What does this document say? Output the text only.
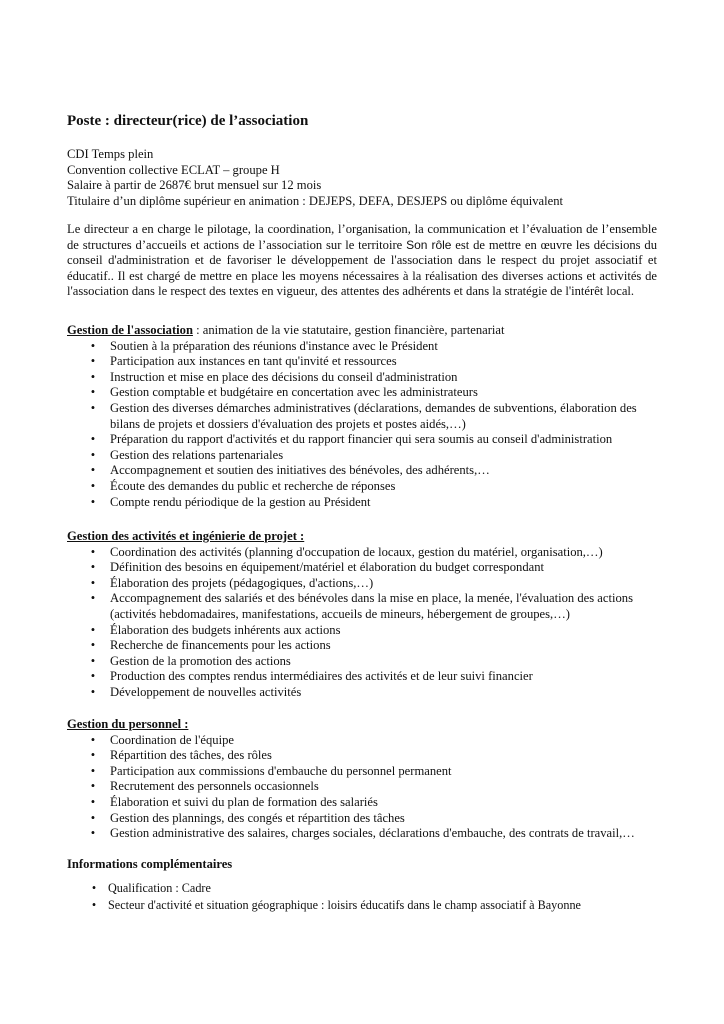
Poste : directeur(rice) de l’association
CDI Temps plein
Convention collective ECLAT – groupe H
Salaire à partir de 2687€ brut mensuel sur 12 mois
Titulaire d’un diplôme supérieur en animation : DEJEPS, DEFA, DESJEPS ou diplôme équivalent
Le directeur a en charge le pilotage, la coordination, l’organisation, la communication et l’évaluation de l’ensemble de structures d’accueils et actions de l’association sur le territoire Son rôle est de mettre en œuvre les décisions du conseil d'administration et de favoriser le développement de l'association dans le respect du projet associatif et éducatif.. Il est chargé de mettre en place les moyens nécessaires à la réalisation des diverses actions et activités de l'association dans le respect des textes en vigueur, des attentes des adhérents et dans la stratégie de l'intérêt local.
Gestion de l'association : animation de la vie statutaire, gestion financière, partenariat
•	Soutien à la préparation des réunions d'instance avec le Président
•	Participation aux instances en tant qu'invité et ressources
•	Instruction et mise en place des décisions du conseil d'administration
•	Gestion comptable et budgétaire en concertation avec les administrateurs
•	Gestion des diverses démarches administratives (déclarations, demandes de subventions, élaboration des bilans de projets et dossiers d'évaluation des projets et postes aidés,…)
•	Préparation du rapport d'activités et du rapport financier qui sera soumis au conseil d'administration
•	Gestion des relations partenariales
•	Accompagnement et soutien des initiatives des bénévoles, des adhérents,…
•	Écoute des demandes du public et recherche de réponses
•	Compte rendu périodique de la gestion au Président
Gestion des activités et ingénierie de projet :
•	Coordination des activités (planning d'occupation de locaux, gestion du matériel, organisation,…)
•	Définition des besoins en équipement/matériel et élaboration du budget correspondant
•	Élaboration des projets (pédagogiques, d'actions,…)
•	Accompagnement des salariés et des bénévoles dans la mise en place, la menée, l'évaluation des actions (activités hebdomadaires, manifestations, accueils de mineurs, hébergement de groupes,…)
•	Élaboration des budgets inhérents aux actions
•	Recherche de financements pour les actions
•	Gestion de la promotion des actions
•	Production des comptes rendus intermédiaires des activités et de leur suivi financier
•	Développement de nouvelles activités
Gestion du personnel :
•	Coordination de l'équipe
•	Répartition des tâches, des rôles
•	Participation aux commissions d'embauche du personnel permanent
•	Recrutement des personnels occasionnels
•	Élaboration et suivi du plan de formation des salariés
•	Gestion des plannings, des congés et répartition des tâches
•	Gestion administrative des salaires, charges sociales, déclarations d'embauche, des contrats de travail,…
Informations complémentaires
• Qualification : Cadre
• Secteur d'activité et situation géographique : loisirs éducatifs dans le champ associatif à Bayonne
